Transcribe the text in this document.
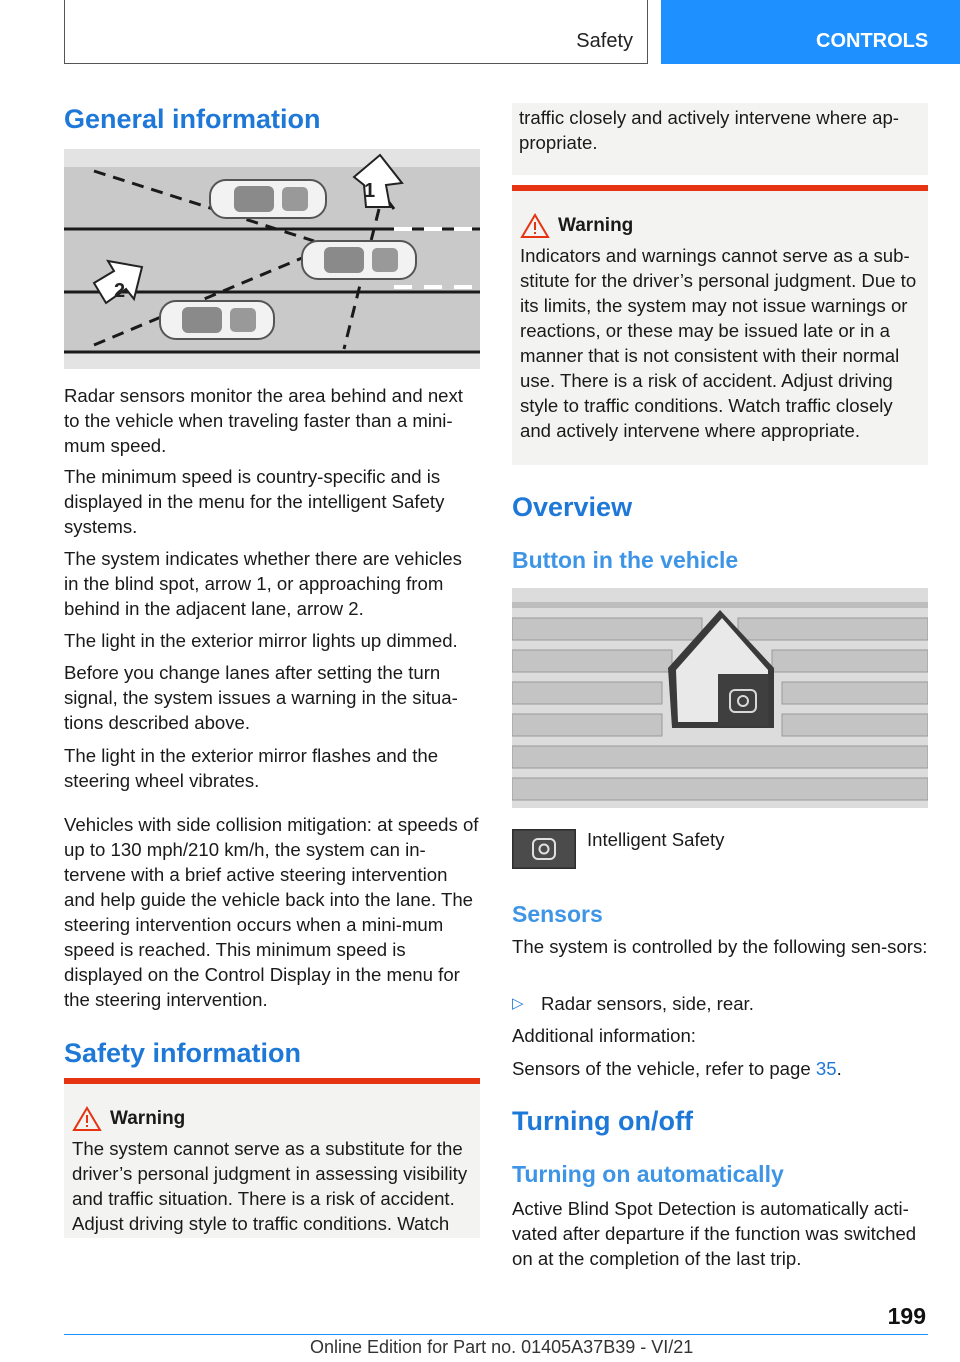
Safety	CONTROLS
General information
1
2

Radar sensors monitor the area behind and next to the vehicle when traveling faster than a mini-mum speed.

The minimum speed is country-specific and is displayed in the menu for the intelligent Safety systems.

The system indicates whether there are vehicles in the blind spot, arrow 1, or approaching from behind in the adjacent lane, arrow 2.

The light in the exterior mirror lights up dimmed.

Before you change lanes after setting the turn signal, the system issues a warning in the situa-tions described above.

The light in the exterior mirror flashes and the steering wheel vibrates.

Vehicles with side collision mitigation: at speeds of up to 130 mph/210 km/h, the system can in-tervene with a brief active steering intervention and help guide the vehicle back into the lane. The steering intervention occurs when a mini-mum speed is reached. This minimum speed is displayed on the Control Display in the menu for the steering intervention.

Safety information
Warning
The system cannot serve as a substitute for the driver’s personal judgment in assessing visibility and traffic situation. There is a risk of accident. Adjust driving style to traffic conditions. Watch
traffic closely and actively intervene where ap-propriate.
Warning
Indicators and warnings cannot serve as a sub-stitute for the driver’s personal judgment. Due to its limits, the system may not issue warnings or reactions, or these may be issued late or in a manner that is not consistent with their normal use. There is a risk of accident. Adjust driving style to traffic conditions. Watch traffic closely and actively intervene where appropriate.
Overview
Button in the vehicle

Intelligent Safety

Sensors

The system is controlled by the following sen-sors:

▷ Radar sensors, side, rear.

Additional information:

Sensors of the vehicle, refer to page 35.

Turning on/off
Turning on automatically

Active Blind Spot Detection is automatically acti-vated after departure if the function was switched on at the completion of the last trip.

199
Online Edition for Part no. 01405A37B39 - VI/21
